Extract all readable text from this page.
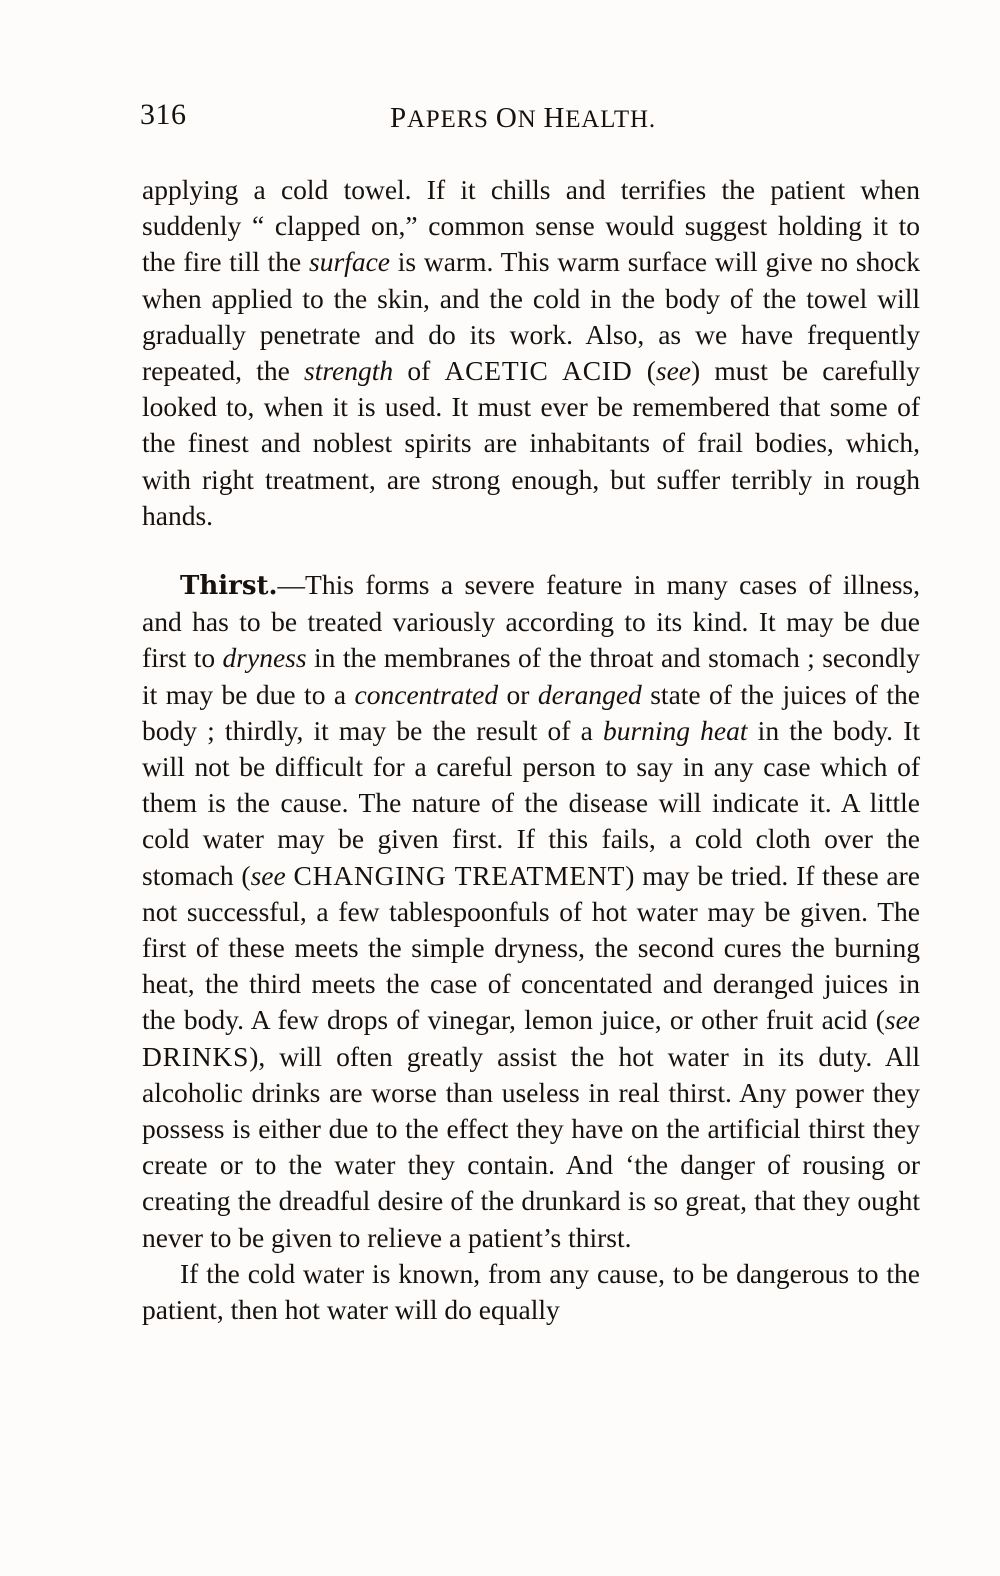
316	PAPERS ON HEALTH.

applying a cold towel. If it chills and terrifies the patient when suddenly “ clapped on,” common sense would suggest holding it to the fire till the surface is warm. This warm surface will give no shock when applied to the skin, and the cold in the body of the towel will gradually penetrate and do its work. Also, as we have frequently repeated, the strength of ACETIC ACID (see) must be carefully looked to, when it is used. It must ever be remembered that some of the finest and noblest spirits are inhabitants of frail bodies, which, with right treatment, are strong enough, but suffer terribly in rough hands.

Thirst.—This forms a severe feature in many cases of illness, and has to be treated variously according to its kind. It may be due first to dryness in the membranes of the throat and stomach ; secondly it may be due to a concentrated or deranged state of the juices of the body ; thirdly, it may be the result of a burning heat in the body. It will not be difficult for a careful person to say in any case which of them is the cause. The nature of the disease will indicate it. A little cold water may be given first. If this fails, a cold cloth over the stomach (see CHANGING TREATMENT) may be tried. If these are not successful, a few tablespoonfuls of hot water may be given. The first of these meets the simple dryness, the second cures the burning heat, the third meets the case of concentated and deranged juices in the body. A few drops of vinegar, lemon juice, or other fruit acid (see DRINKS), will often greatly assist the hot water in its duty. All alcoholic drinks are worse than useless in real thirst. Any power they possess is either due to the effect they have on the artificial thirst they create or to the water they contain. And ‘the danger of rousing or creating the dreadful desire of the drunkard is so great, that they ought never to be given to relieve a patient’s thirst.

If the cold water is known, from any cause, to be dangerous to the patient, then hot water will do equally
